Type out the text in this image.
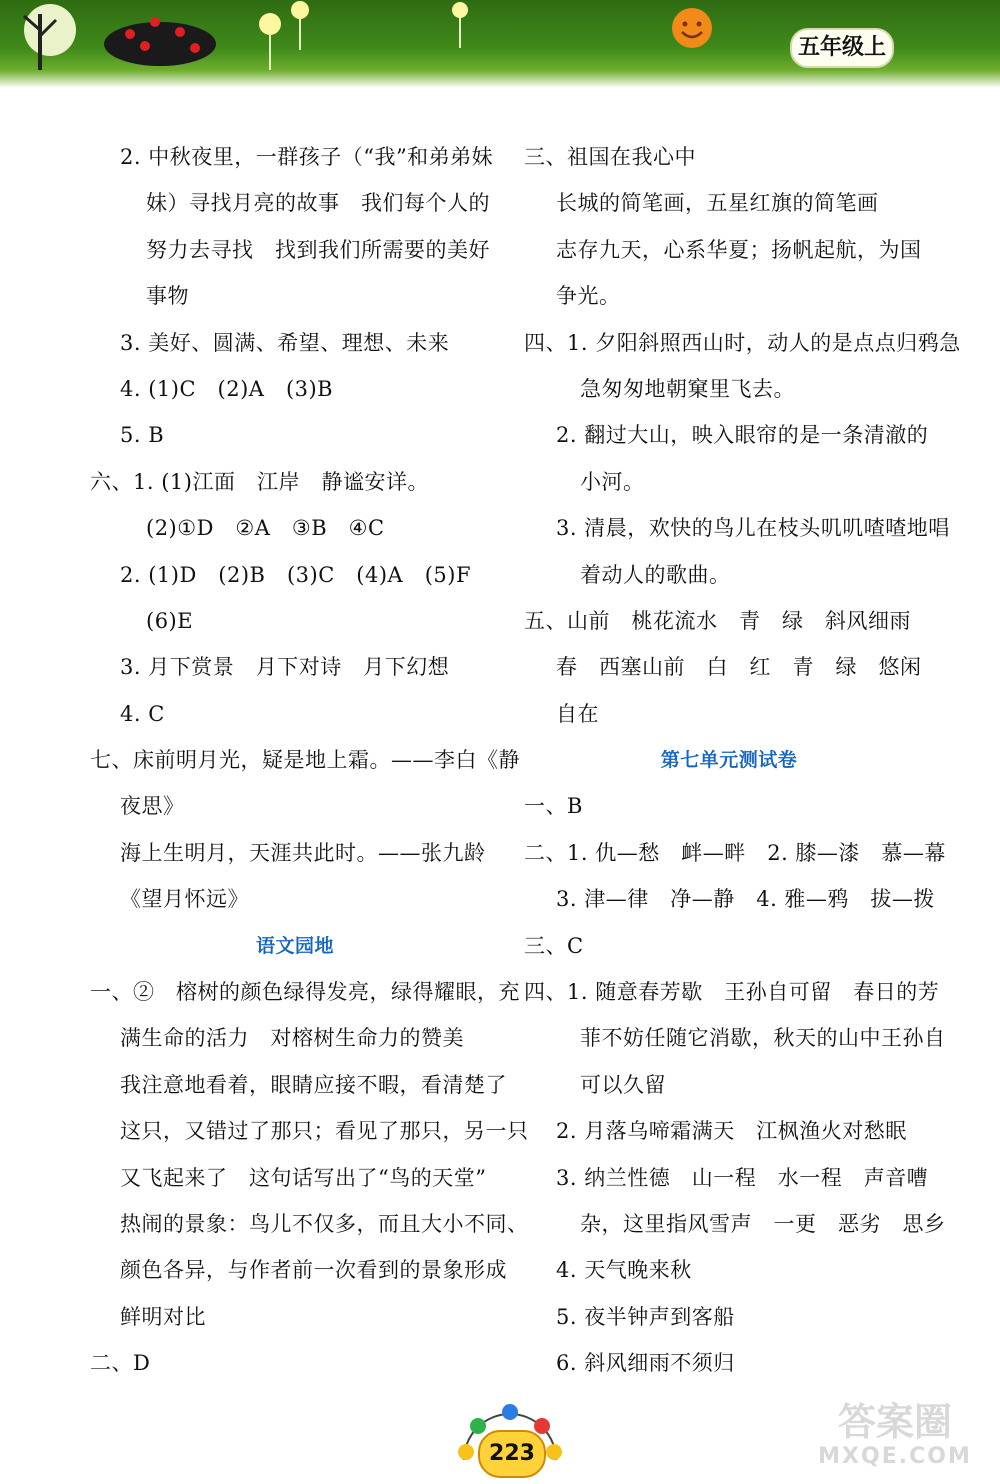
五年级上
2. 中秋夜里，一群孩子（“我”和弟弟妹
妹）寻找月亮的故事　我们每个人的
努力去寻找　找到我们所需要的美好
事物
3. 美好、圆满、希望、理想、未来
4. (1)C　(2)A　(3)B
5. B
六、1. (1)江面　江岸　静谧安详。
(2)①D　②A　③B　④C
2. (1)D　(2)B　(3)C　(4)A　(5)F
(6)E
3. 月下赏景　月下对诗　月下幻想
4. C
七、床前明月光，疑是地上霜。——李白《静
夜思》
海上生明月，天涯共此时。——张九龄
《望月怀远》
语文园地
一、②　榕树的颜色绿得发亮，绿得耀眼，充
满生命的活力　对榕树生命力的赞美
我注意地看着，眼睛应接不暇，看清楚了
这只，又错过了那只；看见了那只，另一只
又飞起来了　这句话写出了“鸟的天堂”
热闹的景象：鸟儿不仅多，而且大小不同、
颜色各异，与作者前一次看到的景象形成
鲜明对比
二、D
三、祖国在我心中
长城的简笔画，五星红旗的简笔画
志存九天，心系华夏；扬帆起航，为国
争光。
四、1. 夕阳斜照西山时，动人的是点点归鸦急
急匆匆地朝窠里飞去。
2. 翻过大山，映入眼帘的是一条清澈的
小河。
3. 清晨，欢快的鸟儿在枝头叽叽喳喳地唱
着动人的歌曲。
五、山前　桃花流水　青　绿　斜风细雨
春　西塞山前　白　红　青　绿　悠闲
自在
第七单元测试卷
一、B
二、1. 仇—愁　衅—畔　2. 膝—漆　慕—幕
3. 津—律　净—静　4. 雅—鸦　拔—拨
三、C
四、1. 随意春芳歇　王孙自可留　春日的芳
菲不妨任随它消歇，秋天的山中王孙自
可以久留
2. 月落乌啼霜满天　江枫渔火对愁眠
3. 纳兰性德　山一程　水一程　声音嘈
杂，这里指风雪声　一更　恶劣　思乡
4. 天气晚来秋
5. 夜半钟声到客船
6. 斜风细雨不须归
223
答案圈
MXQE.COM
